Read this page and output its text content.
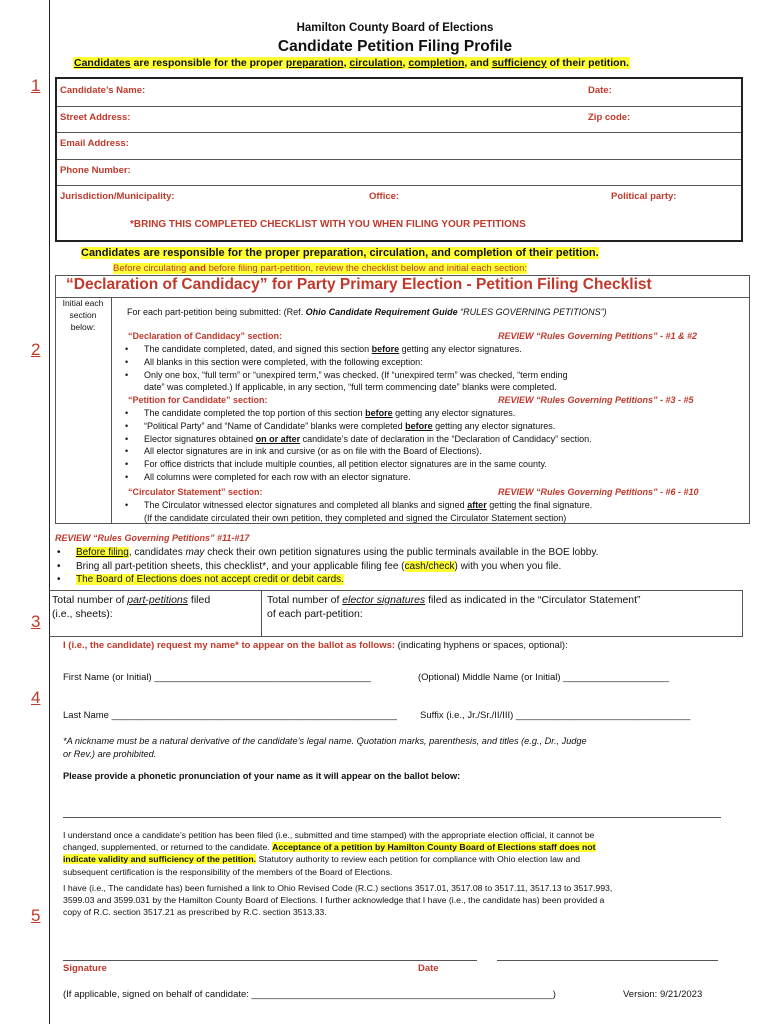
Hamilton County Board of Elections
Candidate Petition Filing Profile
Candidates are responsible for the proper preparation, circulation, completion, and sufficiency of their petition.
1
2
3
4
5
Candidate’s Name:	Date:
Street Address:	Zip code:
Email Address:
Phone Number:
Jurisdiction/Municipality:	Office:	Political party:
*BRING THIS COMPLETED CHECKLIST WITH YOU WHEN FILING YOUR PETITIONS
Candidates are responsible for the proper preparation, circulation, and completion of their petition.
Before circulating and before filing part-petition, review the checklist below and initial each section:
“Declaration of Candidacy” for Party Primary Election - Petition Filing Checklist
Initial each
section
below:
For each part-petition being submitted: (Ref. Ohio Candidate Requirement Guide “RULES GOVERNING PETITIONS”)
“Declaration of Candidacy” section:	REVIEW “Rules Governing Petitions” - #1 & #2
• The candidate completed, dated, and signed this section before getting any elector signatures.
• All blanks in this section were completed, with the following exception:
• Only one box, “full term” or “unexpired term,” was checked. (If “unexpired term” was checked, “term ending
date” was completed.) If applicable, in any section, “full term commencing date” blanks were completed.
“Petition for Candidate” section:	REVIEW “Rules Governing Petitions” - #3 - #5
• The candidate completed the top portion of this section before getting any elector signatures.
• “Political Party” and “Name of Candidate” blanks were completed before getting any elector signatures.
• Elector signatures obtained on or after candidate’s date of declaration in the “Declaration of Candidacy” section.
• All elector signatures are in ink and cursive (or as on file with the Board of Elections).
• For office districts that include multiple counties, all petition elector signatures are in the same county.
• All columns were completed for each row with an elector signature.
“Circulator Statement” section:	REVIEW “Rules Governing Petitions” - #6 - #10
• The Circulator witnessed elector signatures and completed all blanks and signed after getting the final signature.
(If the candidate circulated their own petition, they completed and signed the Circulator Statement section)
REVIEW “Rules Governing Petitions” #11-#17
• Before filing, candidates may check their own petition signatures using the public terminals available in the BOE lobby.
• Bring all part-petition sheets, this checklist*, and your applicable filing fee (cash/check) with you when you file.
• The Board of Elections does not accept credit or debit cards.
Total number of part-petitions filed
(i.e., sheets):
Total number of elector signatures filed as indicated in the “Circulator Statement”
of each part-petition:
I (i.e., the candidate) request my name* to appear on the ballot as follows: (indicating hyphens or spaces, optional):
First Name (or Initial) _________________________________________	(Optional) Middle Name (or Initial) ____________________
Last Name ______________________________________________________ Suffix (i.e., Jr./Sr./II/III) _________________________________
*A nickname must be a natural derivative of the candidate’s legal name. Quotation marks, parenthesis, and titles (e.g., Dr., Judge
or Rev.) are prohibited.
Please provide a phonetic pronunciation of your name as it will appear on the ballot below:
I understand once a candidate’s petition has been filed (i.e., submitted and time stamped) with the appropriate election official, it cannot be
changed, supplemented, or returned to the candidate. Acceptance of a petition by Hamilton County Board of Elections staff does not
indicate validity and sufficiency of the petition. Statutory authority to review each petition for compliance with Ohio election law and
subsequent certification is the responsibility of the members of the Board of Elections.
I have (i.e., The candidate has) been furnished a link to Ohio Revised Code (R.C.) sections 3517.01, 3517.08 to 3517.11, 3517.13 to 3517.993,
3599.03 and 3599.031 by the Hamilton County Board of Elections. I further acknowledge that I have (i.e., the candidate has) been provided a
copy of R.C. section 3517.21 as prescribed by R.C. section 3513.33.
Signature	Date
(If applicable, signed on behalf of candidate: _________________________________________________________)	Version: 9/21/2023
